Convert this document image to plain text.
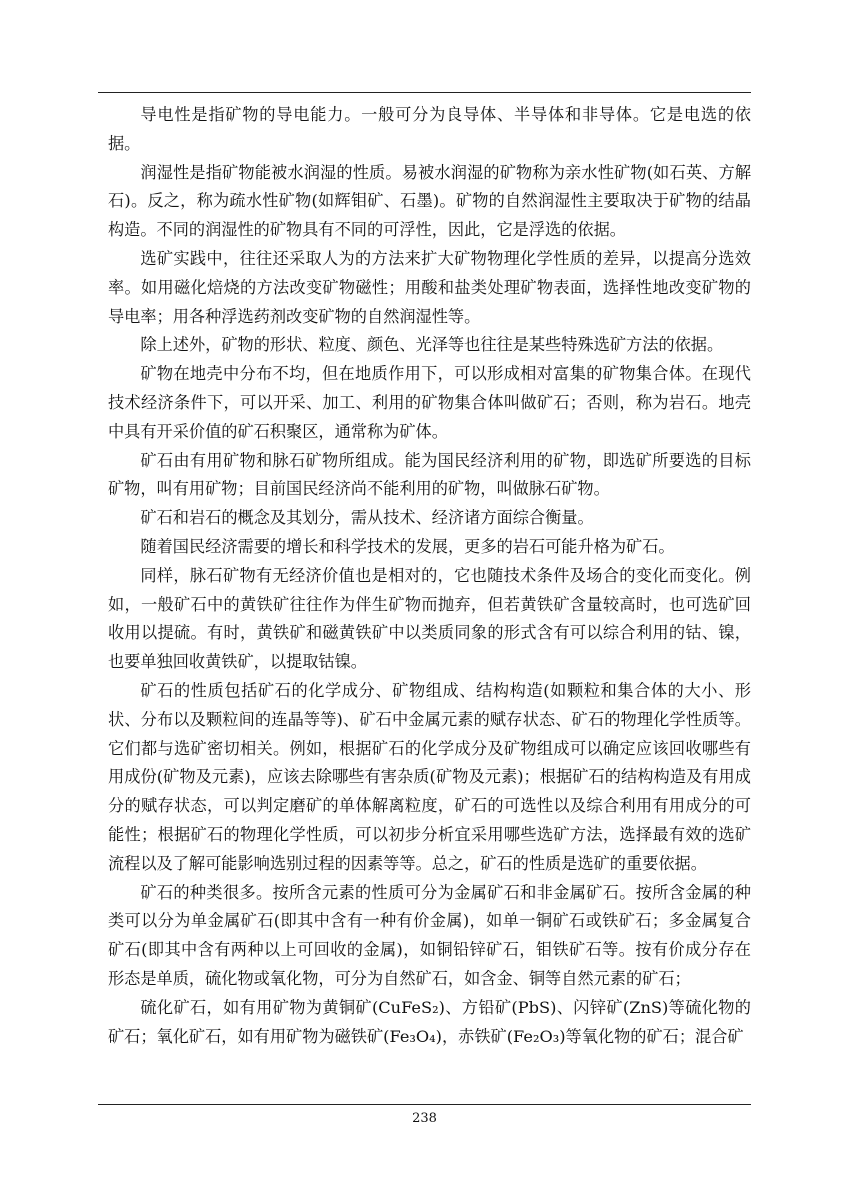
导电性是指矿物的导电能力。一般可分为良导体、半导体和非导体。它是电选的依据。

润湿性是指矿物能被水润湿的性质。易被水润湿的矿物称为亲水性矿物(如石英、方解石)。反之，称为疏水性矿物(如辉钼矿、石墨)。矿物的自然润湿性主要取决于矿物的结晶构造。不同的润湿性的矿物具有不同的可浮性，因此，它是浮选的依据。

选矿实践中，往往还采取人为的方法来扩大矿物物理化学性质的差异，以提高分选效率。如用磁化焙烧的方法改变矿物磁性；用酸和盐类处理矿物表面，选择性地改变矿物的导电率；用各种浮选药剂改变矿物的自然润湿性等。

除上述外，矿物的形状、粒度、颜色、光泽等也往往是某些特殊选矿方法的依据。

矿物在地壳中分布不均，但在地质作用下，可以形成相对富集的矿物集合体。在现代技术经济条件下，可以开采、加工、利用的矿物集合体叫做矿石；否则，称为岩石。地壳中具有开采价值的矿石积聚区，通常称为矿体。

矿石由有用矿物和脉石矿物所组成。能为国民经济利用的矿物，即选矿所要选的目标矿物，叫有用矿物；目前国民经济尚不能利用的矿物，叫做脉石矿物。

矿石和岩石的概念及其划分，需从技术、经济诸方面综合衡量。

随着国民经济需要的增长和科学技术的发展，更多的岩石可能升格为矿石。

同样，脉石矿物有无经济价值也是相对的，它也随技术条件及场合的变化而变化。例如，一般矿石中的黄铁矿往往作为伴生矿物而抛弃，但若黄铁矿含量较高时，也可选矿回收用以提硫。有时，黄铁矿和磁黄铁矿中以类质同象的形式含有可以综合利用的钴、镍，也要单独回收黄铁矿，以提取钴镍。

矿石的性质包括矿石的化学成分、矿物组成、结构构造(如颗粒和集合体的大小、形状、分布以及颗粒间的连晶等等)、矿石中金属元素的赋存状态、矿石的物理化学性质等。它们都与选矿密切相关。例如，根据矿石的化学成分及矿物组成可以确定应该回收哪些有用成份(矿物及元素)，应该去除哪些有害杂质(矿物及元素)；根据矿石的结构构造及有用成分的赋存状态，可以判定磨矿的单体解离粒度，矿石的可选性以及综合利用有用成分的可能性；根据矿石的物理化学性质，可以初步分析宜采用哪些选矿方法，选择最有效的选矿流程以及了解可能影响选别过程的因素等等。总之，矿石的性质是选矿的重要依据。

矿石的种类很多。按所含元素的性质可分为金属矿石和非金属矿石。按所含金属的种类可以分为单金属矿石(即其中含有一种有价金属)，如单一铜矿石或铁矿石；多金属复合矿石(即其中含有两种以上可回收的金属)，如铜铅锌矿石，钼铁矿石等。按有价成分存在形态是单质，硫化物或氧化物，可分为自然矿石，如含金、铜等自然元素的矿石；

硫化矿石，如有用矿物为黄铜矿(CuFeS₂)、方铅矿(PbS)、闪锌矿(ZnS)等硫化物的矿石；氧化矿石，如有用矿物为磁铁矿(Fe₃O₄)，赤铁矿(Fe₂O₃)等氧化物的矿石；混合矿

238
